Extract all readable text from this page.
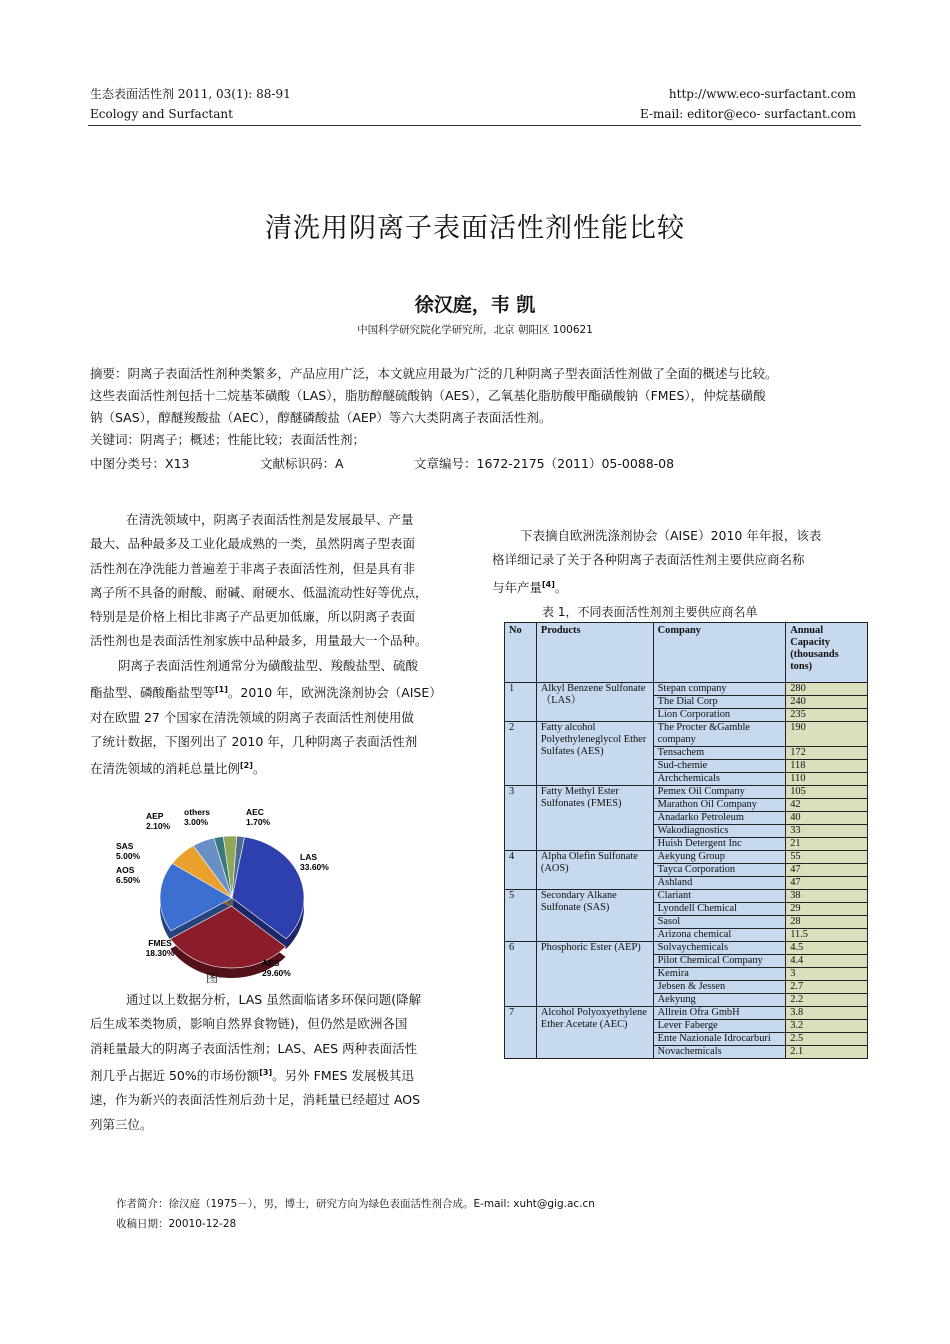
生态表面活性剂 2011, 03(1): 88-91
Ecology and Surfactant
http://www.eco-surfactant.com
E-mail: editor@eco- surfactant.com
清洗用阴离子表面活性剂性能比较
徐汉庭，韦 凯
中国科学研究院化学研究所，北京 朝阳区 100621
摘要：阴离子表面活性剂种类繁多，产品应用广泛，本文就应用最为广泛的几种阴离子型表面活性剂做了全面的概述与比较。
这些表面活性剂包括十二烷基苯磺酸（LAS），脂肪醇醚硫酸钠（AES），乙氧基化脂肪酸甲酯磺酸钠（FMES），仲烷基磺酸
钠（SAS），醇醚羧酸盐（AEC），醇醚磷酸盐（AEP）等六大类阴离子表面活性剂。
关键词：阴离子；概述；性能比较；表面活性剂；
中图分类号：X13	文献标识码：A	文章编号：1672-2175（2011）05-0088-08
在清洗领域中，阴离子表面活性剂是发展最早、产量
最大、品种最多及工业化最成熟的一类，虽然阴离子型表面
活性剂在净洗能力普遍差于非离子表面活性剂，但是具有非
离子所不具备的耐酸、耐碱、耐硬水、低温流动性好等优点，
特别是是价格上相比非离子产品更加低廉，所以阴离子表面
活性剂也是表面活性剂家族中品种最多，用量最大一个品种。
阴离子表面活性剂通常分为磺酸盐型、羧酸盐型、硫酸
酯盐型、磷酸酯盐型等[1]。2010 年，欧洲洗涤剂协会（AISE）
对在欧盟 27 个国家在清洗领域的阴离子表面活性剂使用做
了统计数据，下图列出了 2010 年，几种阴离子表面活性剂
在清洗领域的消耗总量比例[2]。
LAS
33.60%
AES
29.60%
FMES
18.30%
AOS
6.50%
SAS
5.00%
AEP
2.10%
others
3.00%
AEC
1.70%
图一
通过以上数据分析，LAS 虽然面临诸多环保问题(降解
后生成苯类物质，影响自然界食物链)，但仍然是欧洲各国
消耗量最大的阴离子表面活性剂；LAS、AES 两种表面活性
剂几乎占据近 50%的市场份额[3]。另外 FMES 发展极其迅
速，作为新兴的表面活性剂后劲十足，消耗量已经超过 AOS
列第三位。
下表摘自欧洲洗涤剂协会（AISE）2010 年年报，该表
格详细记录了关于各种阴离子表面活性剂主要供应商名称
与年产量[4]。
表 1，不同表面活性剂剂主要供应商名单
No	Products	Company	Annual Capacity (thousands tons)
1	Alkyl Benzene Sulfonate （LAS）	Stepan company	280
		The Dial Corp	240
		Lion Corporation	235
2	Fatty alcohol Polyethyleneglycol Ether Sulfates (AES)	The Procter &Gamble company	190
		Tensachem	172
		Sud-chemie	118
		Archchemicals	110
3	Fatty Methyl Ester Sulfonates (FMES)	Pemex Oil Company	105
		Marathon Oil Company	42
		Anadarko Petroleum	40
		Wakodiagnostics	33
		Huish Detergent Inc	21
4	Alpha Olefin Sulfonate (AOS)	Aekyung Group	55
		Tayca Corporation	47
		Ashland	47
5	Secondary Alkane Sulfonate (SAS)	Clariant	38
		Lyondell Chemical	29
		Sasol	28
		Arizona chemical	11.5
6	Phosphoric Ester (AEP)	Solvaychemicals	4.5
		Pilot Chemical Company	4.4
		Kemira	3
		Jebsen & Jessen	2.7
		Aekyung	2.2
7	Alcohol Polyoxyethylene Ether Acetate (AEC)	Allrein Ofra GmbH	3.8
		Lever Faberge	3.2
		Ente Nazionale Idrocarburi	2.5
		Novachemicals	2.1
作者简介：徐汉庭（1975－），男，博士，研究方向为绿色表面活性剂合成。E-mail: xuht@gig.ac.cn
收稿日期：20010-12-28
